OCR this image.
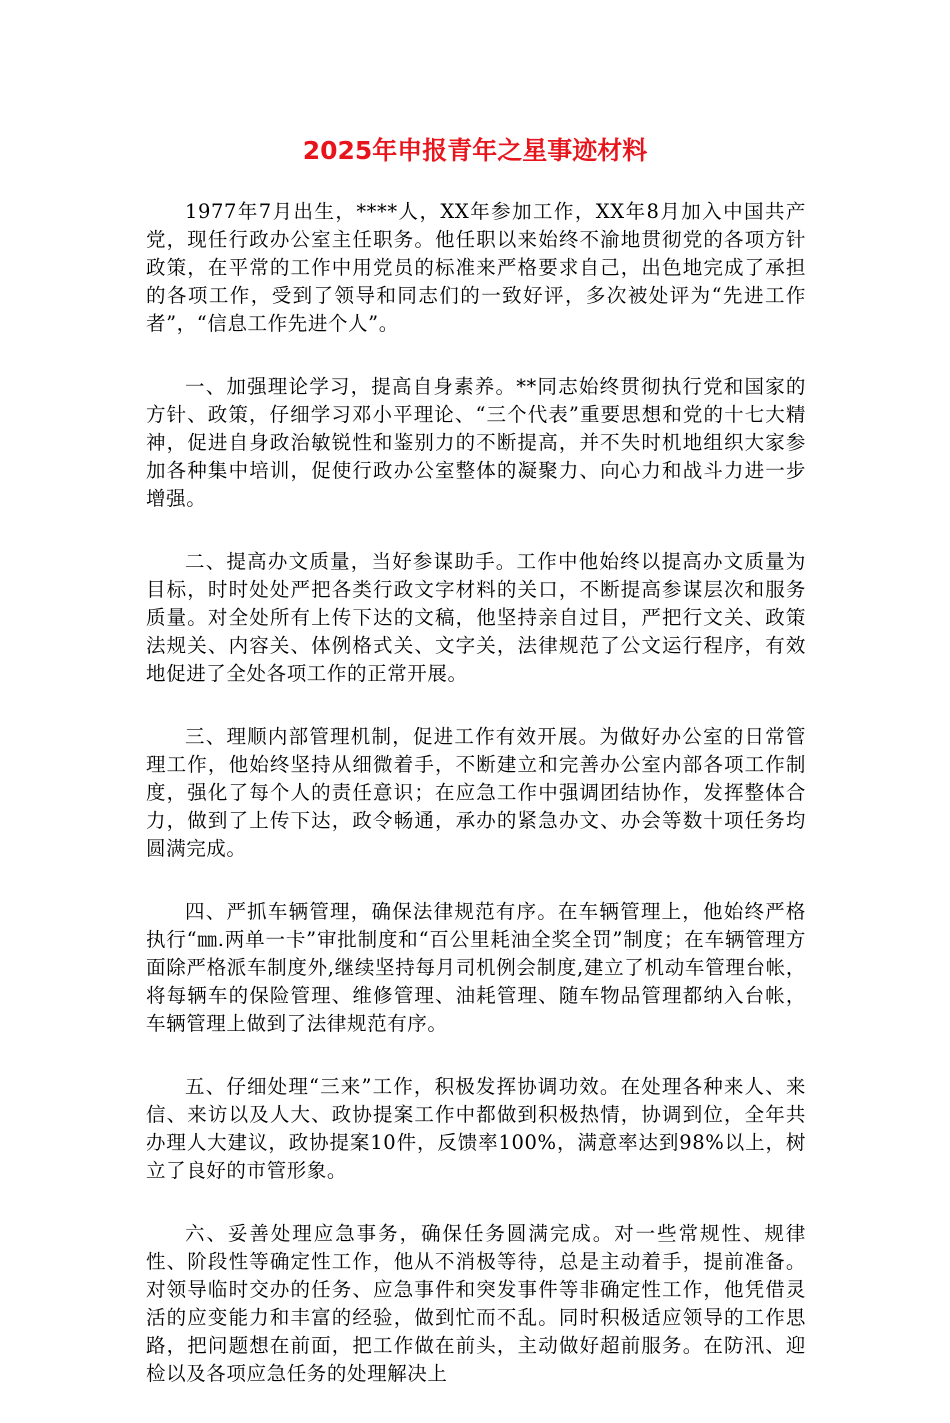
2025年申报青年之星事迹材料

1977年7月出生，****人，XX年参加工作，XX年8月加入中国共产党，现任行政办公室主任职务。他任职以来始终不渝地贯彻党的各项方针政策，在平常的工作中用党员的标准来严格要求自己，出色地完成了承担的各项工作，受到了领导和同志们的一致好评，多次被处评为“先进工作者”，“信息工作先进个人”。

一、加强理论学习，提高自身素养。**同志始终贯彻执行党和国家的方针、政策，仔细学习邓小平理论、“三个代表”重要思想和党的十七大精神，促进自身政治敏锐性和鉴别力的不断提高，并不失时机地组织大家参加各种集中培训，促使行政办公室整体的凝聚力、向心力和战斗力进一步增强。

二、提高办文质量，当好参谋助手。工作中他始终以提高办文质量为目标，时时处处严把各类行政文字材料的关口，不断提高参谋层次和服务质量。对全处所有上传下达的文稿，他坚持亲自过目，严把行文关、政策法规关、内容关、体例格式关、文字关，法律规范了公文运行程序，有效地促进了全处各项工作的正常开展。

三、理顺内部管理机制，促进工作有效开展。为做好办公室的日常管理工作，他始终坚持从细微着手，不断建立和完善办公室内部各项工作制度，强化了每个人的责任意识；在应急工作中强调团结协作，发挥整体合力，做到了上传下达，政令畅通，承办的紧急办文、办会等数十项任务均圆满完成。

四、严抓车辆管理，确保法律规范有序。在车辆管理上，他始终严格执行“㎜.两单一卡”审批制度和“百公里耗油全奖全罚”制度；在车辆管理方面除严格派车制度外,继续坚持每月司机例会制度,建立了机动车管理台帐，将每辆车的保险管理、维修管理、油耗管理、随车物品管理都纳入台帐，车辆管理上做到了法律规范有序。

五、仔细处理“三来”工作，积极发挥协调功效。在处理各种来人、来信、来访以及人大、政协提案工作中都做到积极热情，协调到位，全年共办理人大建议，政协提案10件，反馈率100%，满意率达到98%以上，树立了良好的市管形象。

六、妥善处理应急事务，确保任务圆满完成。对一些常规性、规律性、阶段性等确定性工作，他从不消极等待，总是主动着手，提前准备。对领导临时交办的任务、应急事件和突发事件等非确定性工作，他凭借灵活的应变能力和丰富的经验，做到忙而不乱。同时积极适应领导的工作思路，把问题想在前面，把工作做在前头，主动做好超前服务。在防汛、迎检以及各项应急任务的处理解决上
